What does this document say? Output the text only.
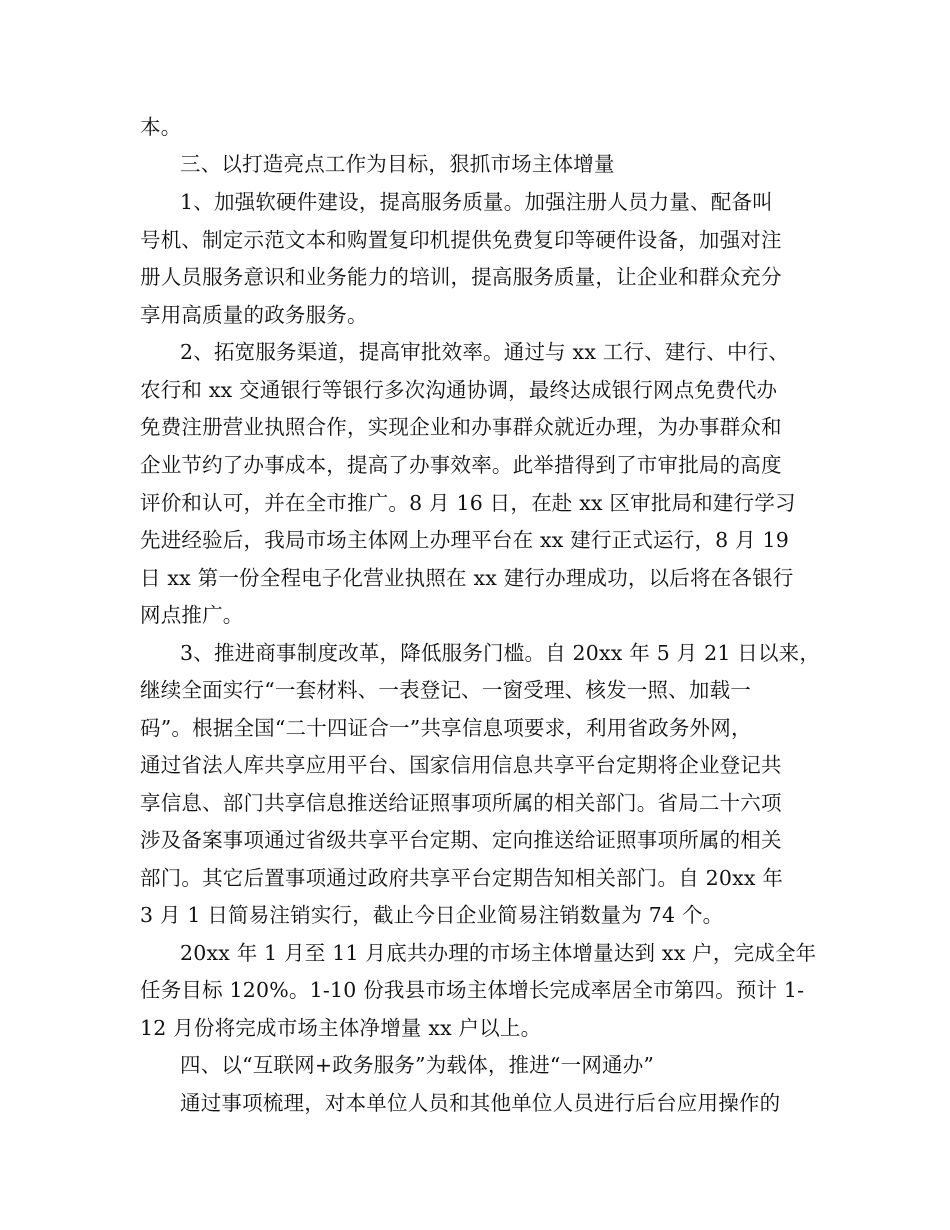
本。
三、以打造亮点工作为目标，狠抓市场主体增量
1、加强软硬件建设，提高服务质量。加强注册人员力量、配备叫
号机、制定示范文本和购置复印机提供免费复印等硬件设备，加强对注
册人员服务意识和业务能力的培训，提高服务质量，让企业和群众充分
享用高质量的政务服务。
2、拓宽服务渠道，提高审批效率。通过与 xx 工行、建行、中行、
农行和 xx 交通银行等银行多次沟通协调，最终达成银行网点免费代办
免费注册营业执照合作，实现企业和办事群众就近办理，为办事群众和
企业节约了办事成本，提高了办事效率。此举措得到了市审批局的高度
评价和认可，并在全市推广。8 月 16 日，在赴 xx 区审批局和建行学习
先进经验后，我局市场主体网上办理平台在 xx 建行正式运行，8 月 19
日 xx 第一份全程电子化营业执照在 xx 建行办理成功，以后将在各银行
网点推广。
3、推进商事制度改革，降低服务门槛。自 20xx 年 5 月 21 日以来，
继续全面实行“一套材料、一表登记、一窗受理、核发一照、加载一
码”。根据全国“二十四证合一”共享信息项要求，利用省政务外网，
通过省法人库共享应用平台、国家信用信息共享平台定期将企业登记共
享信息、部门共享信息推送给证照事项所属的相关部门。省局二十六项
涉及备案事项通过省级共享平台定期、定向推送给证照事项所属的相关
部门。其它后置事项通过政府共享平台定期告知相关部门。自 20xx 年
3 月 1 日简易注销实行，截止今日企业简易注销数量为 74 个。
20xx 年 1 月至 11 月底共办理的市场主体增量达到 xx 户，完成全年
任务目标 120%。1-10 份我县市场主体增长完成率居全市第四。预计 1-
12 月份将完成市场主体净增量 xx 户以上。
四、以“互联网+政务服务”为载体，推进“一网通办”
通过事项梳理，对本单位人员和其他单位人员进行后台应用操作的
